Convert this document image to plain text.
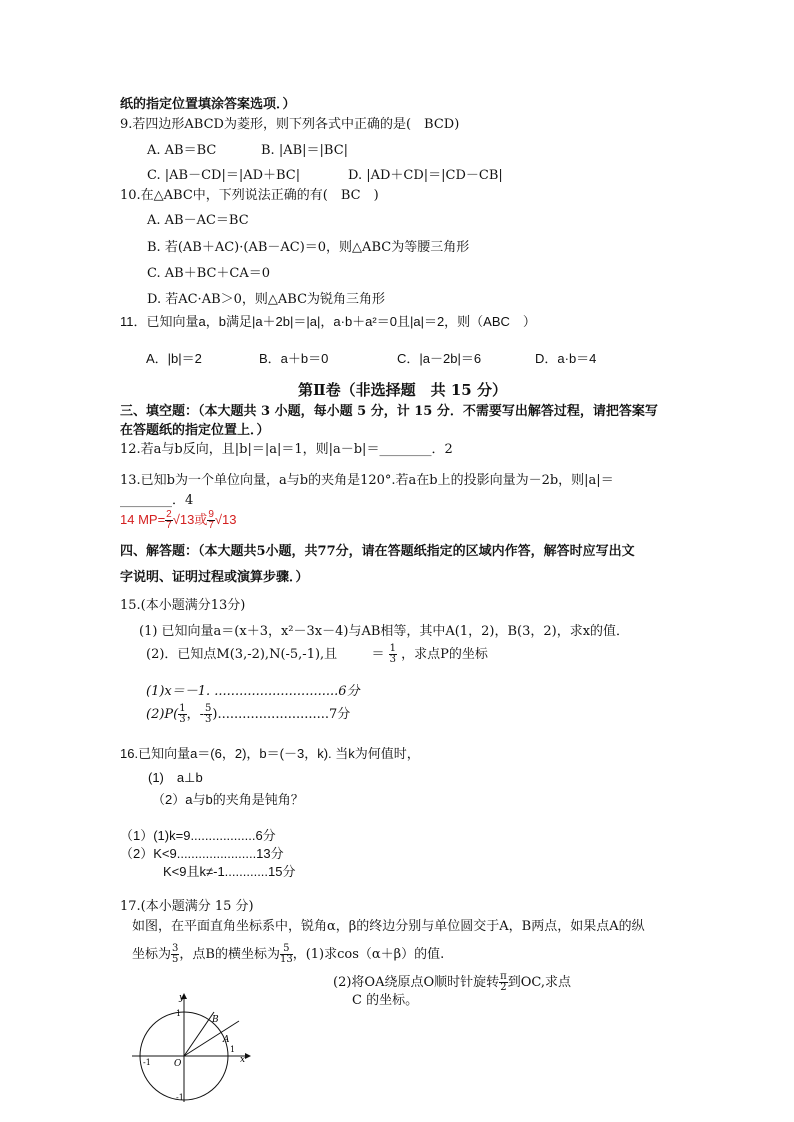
纸的指定位置填涂答案选项．）
9.若四边形ABCD为菱形，则下列各式中正确的是(　BCD)
A. AB＝BC	B. |AB|＝|BC|
C. |AB－CD|＝|AD＋BC|	D. |AD＋CD|＝|CD－CB|
10.在△ABC中，下列说法正确的有(　BC　)
A. AB－AC＝BC
B. 若(AB＋AC)·(AB－AC)＝0，则△ABC为等腰三角形
C. AB＋BC＋CA＝0
D. 若AC·AB＞0，则△ABC为锐角三角形
11．已知向量a，b满足|a＋2b|＝|a|，a·b＋a²＝0且|a|＝2，则（ABC　）
A．|b|＝2	B．a＋b＝0	C．|a－2b|＝6	D．a·b＝4
第Ⅱ卷（非选择题　共 15 分）
三、填空题：（本大题共 3 小题，每小题 5 分，计 15 分．不需要写出解答过程，请把答案写
在答题纸的指定位置上．）
12.若a与b反向，且|b|＝|a|＝1，则|a－b|＝________．2
13.已知b为一个单位向量，a与b的夹角是120°.若a在b上的投影向量为－2b，则|a|＝
________．4
14 $MP= \frac{2}{7} √13$或 $\frac{9}{7} √13$
四、解答题：（本大题共5小题，共77分，请在答题纸指定的区域内作答，解答时应写出文
字说明、证明过程或演算步骤．）
15.(本小题满分13分)
(1) 已知向量a＝(x＋3，x²－3x－4)与AB相等，其中A(1，2)，B(3，2)，求x的值．
(2)．已知点M(3,-2),N(-5,-1),且	＝ $\frac{1}{3}$ ，求点P的坐标
(1)x＝－1. ..............................6分
$(2)P( \frac{1}{3}$ ，- $\frac{5}{3} )...........................7$分
16.已知向量a＝(6，2)，b＝(－3，k). 当k为何值时，
(1)　a⊥b
（2）a与b的夹角是钝角？
（1）(1)k=9..................6分
（2）K<9......................13分
K<9且k≠-1............15分
17.(本小题满分 15 分)
如图，在平面直角坐标系中，锐角α，β的终边分别与单位圆交于A，B两点，如果点A的纵
坐标为 $\frac{3}{5}$ ，点B的横坐标为 $\frac{5}{13}$ ，(1)求cos（α＋β）的值.
(2)将OA绕原点O顺时针旋转 $\frac{\pi}{2}$ 到OC,求点
C 的坐标。
y
x
O
1
-1
-1
1
A
B
